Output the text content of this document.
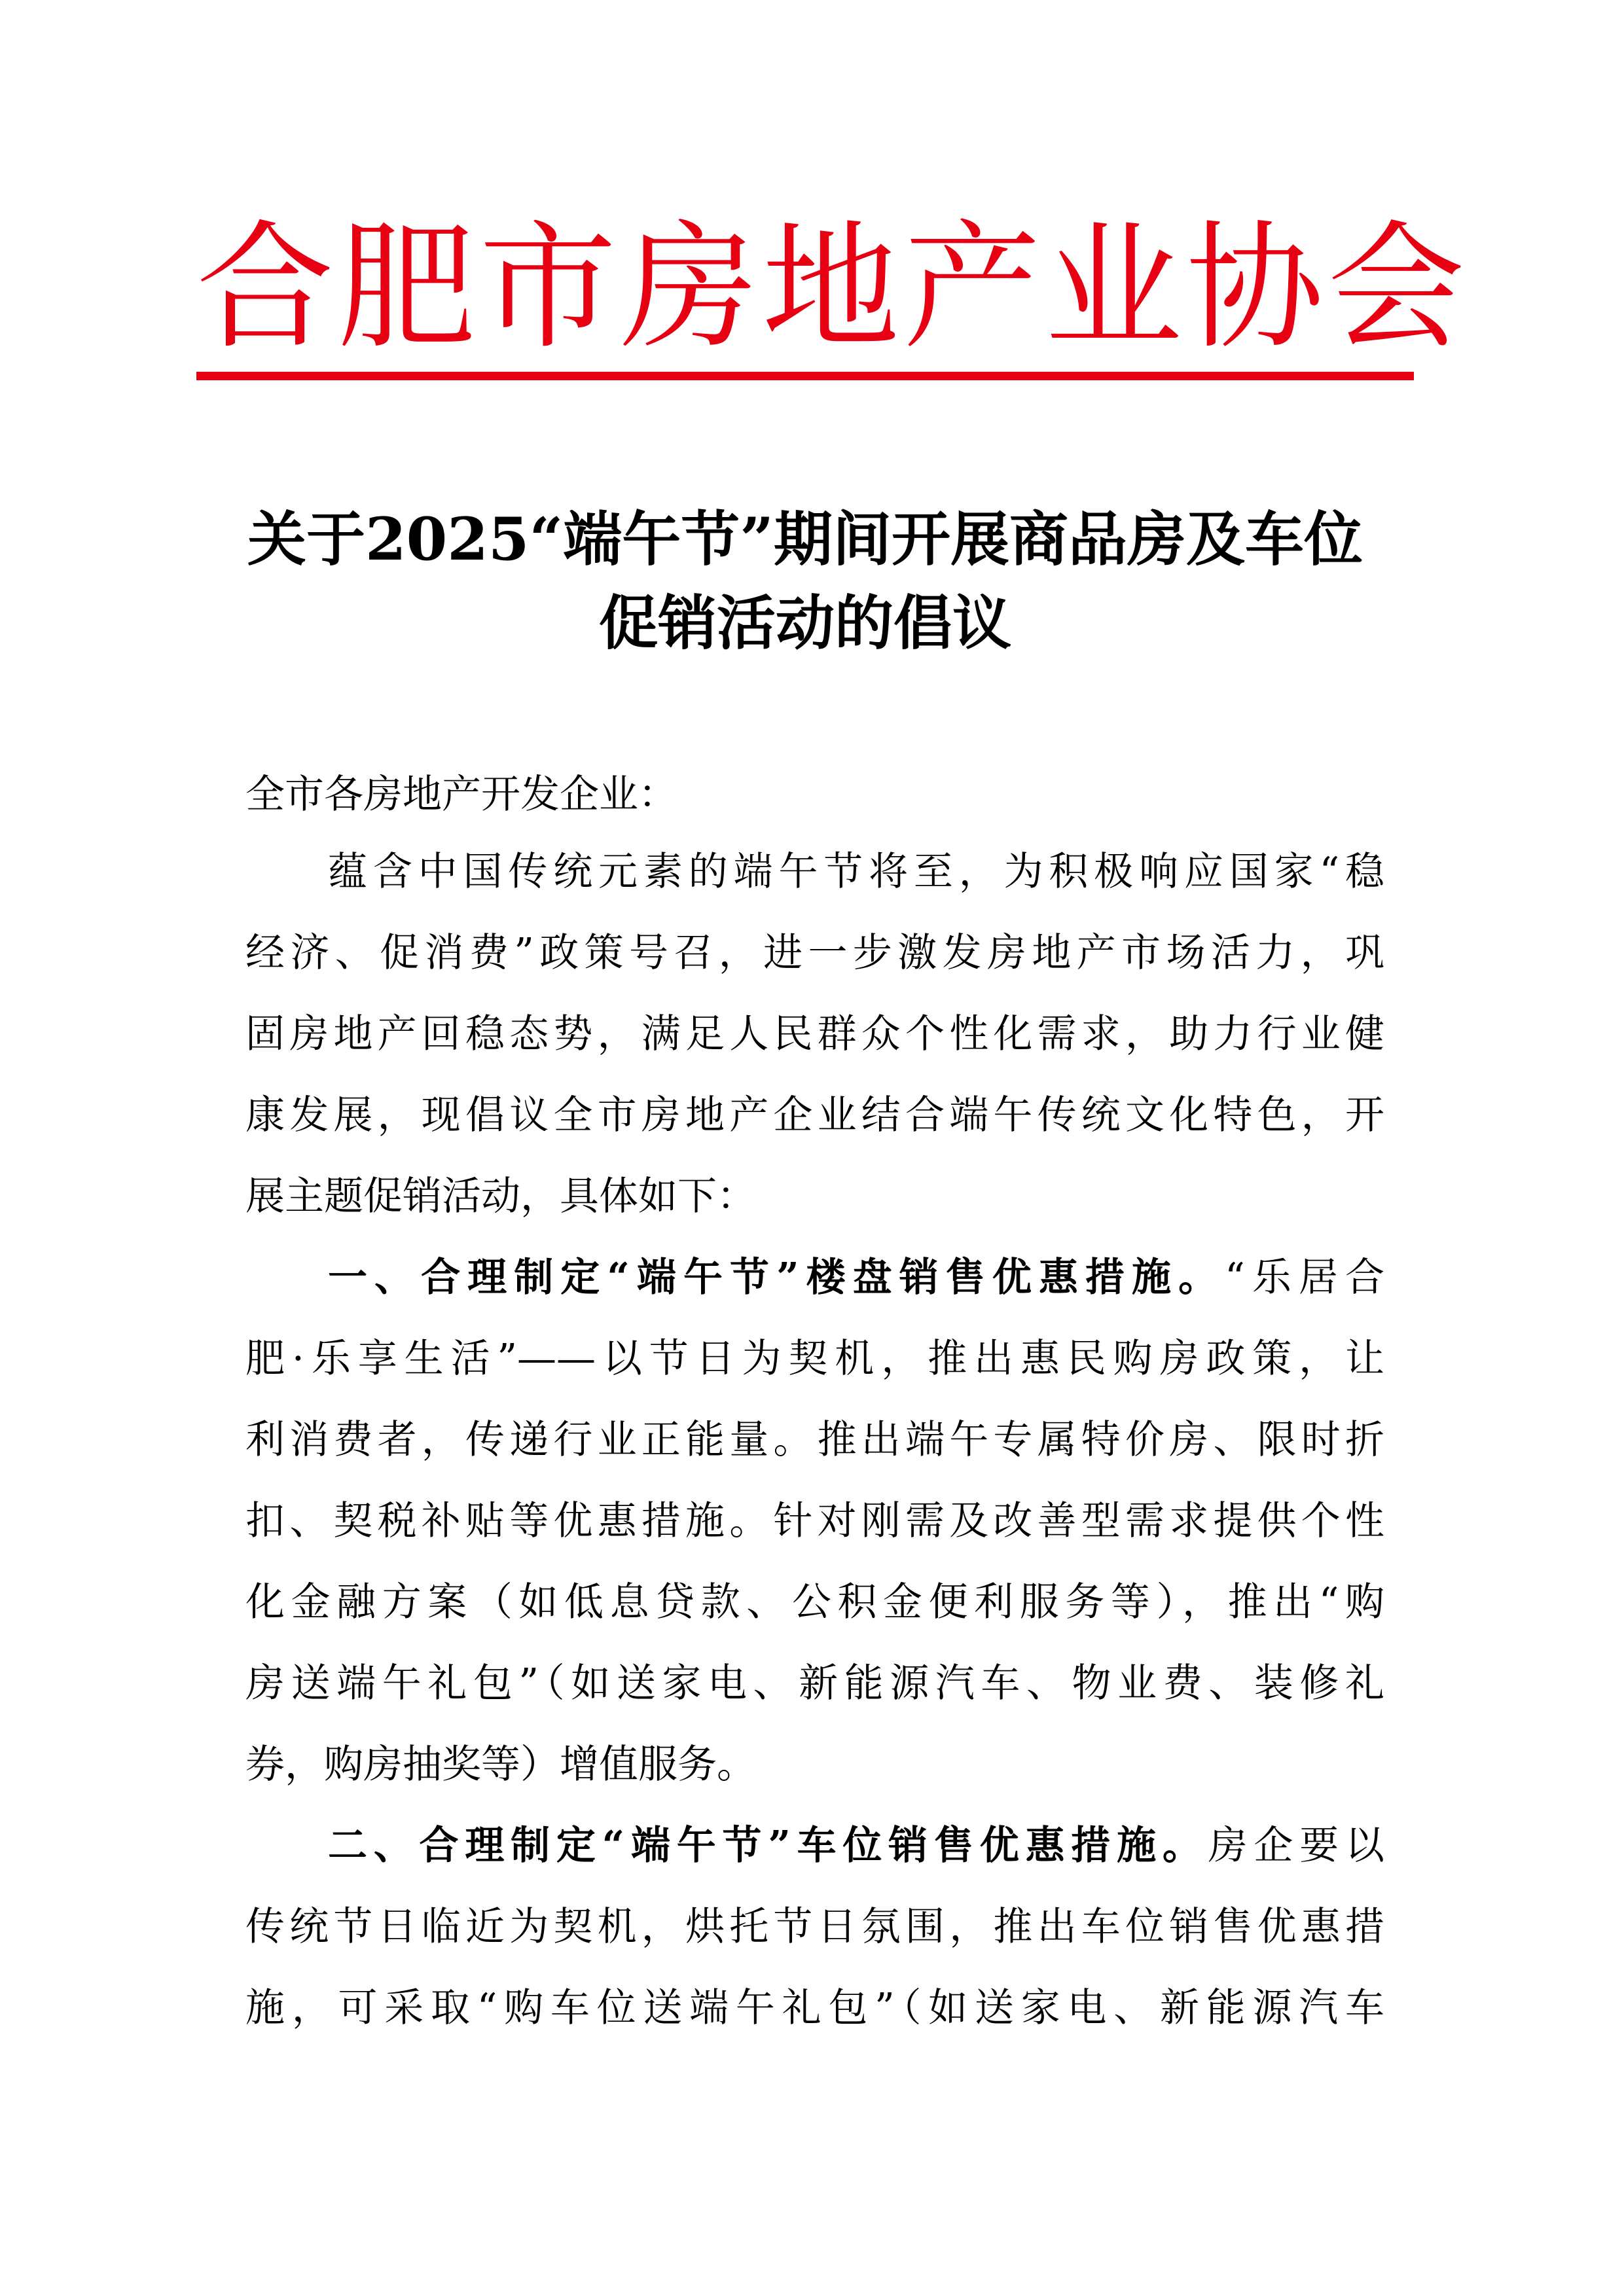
合肥市房地产业协会
关于2025“端午节”期间开展商品房及车位
促销活动的倡议
全市各房地产开发企业：
蕴含中国传统元素的端午节将至，为积极响应国家“稳
经济、促消费”政策号召，进一步激发房地产市场活力，巩
固房地产回稳态势，满足人民群众个性化需求，助力行业健
康发展，现倡议全市房地产企业结合端午传统文化特色，开
展主题促销活动，具体如下：
一、合理制定“端午节”楼盘销售优惠措施。“乐居合
肥·乐享生活”——以节日为契机，推出惠民购房政策，让
利消费者，传递行业正能量。推出端午专属特价房、限时折
扣、契税补贴等优惠措施。针对刚需及改善型需求提供个性
化金融方案（如低息贷款、公积金便利服务等），推出“购
房送端午礼包”（如送家电、新能源汽车、物业费、装修礼
券，购房抽奖等）增值服务。
二、合理制定“端午节”车位销售优惠措施。房企要以
传统节日临近为契机，烘托节日氛围，推出车位销售优惠措
施，可采取“购车位送端午礼包”（如送家电、新能源汽车
